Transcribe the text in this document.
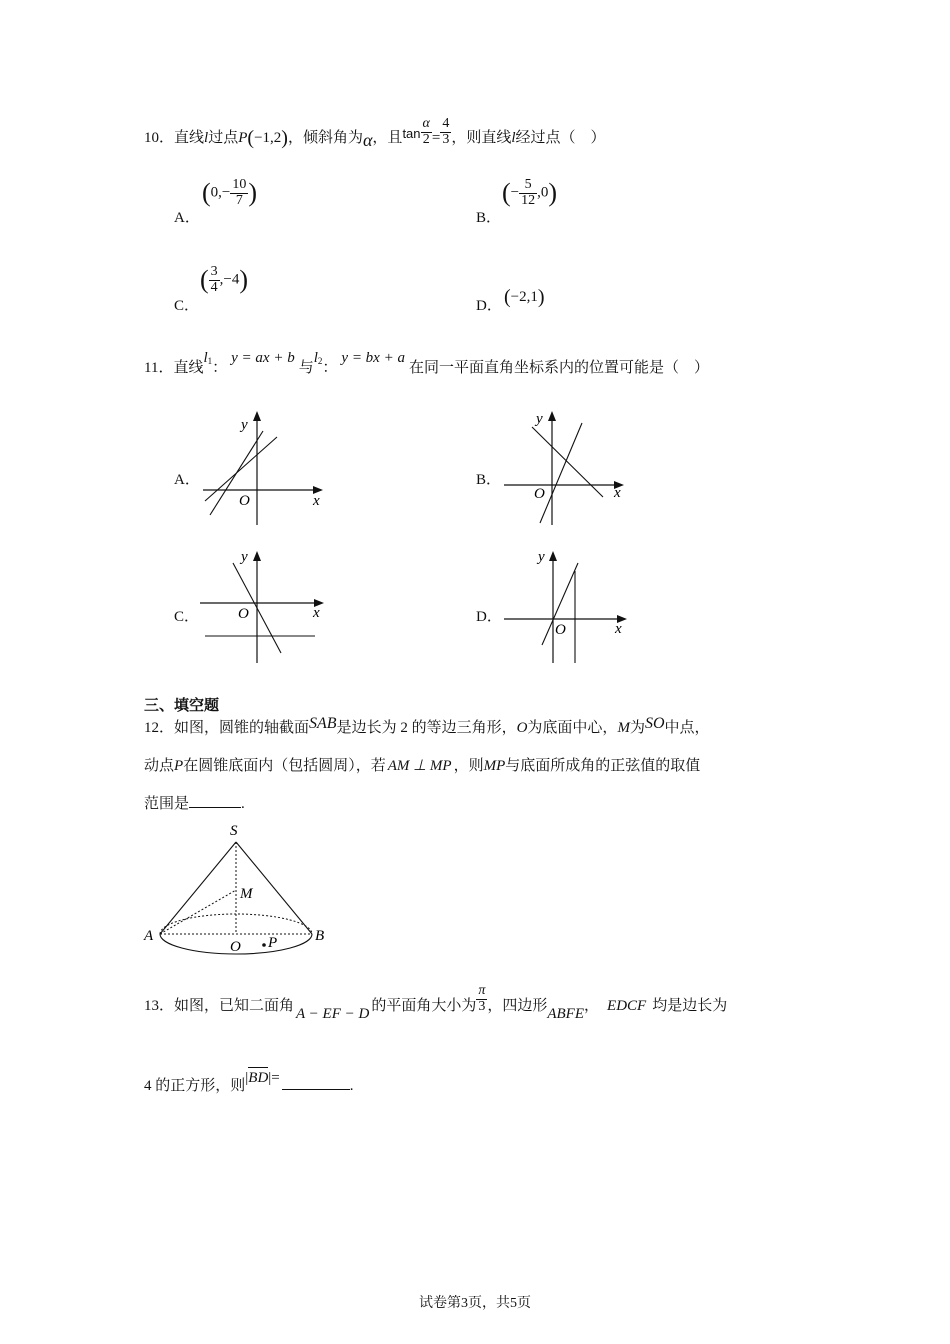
10．直线l过点P(−1,2)，倾斜角为α，且$\tan \frac{\alpha}{2} = \frac{4}{3}$ ，则直线l经过点（　）
A．
($0,- \frac{10}{7}$ )
B．
(− $\frac{5}{12} ,0$)
C．
( $\frac{3}{4} ,-4$)
D． (−2,1)
11．直线$l_1$：y = ax + b与$l_2$：y = bx + a在同一平面直角坐标系内的位置可能是（　）
A．	B．
C．	D．
y
x
O
y
x
O
y
x
O
y
x
O
三、填空题
12．如图，圆锥的轴截面SAB是边长为 2 的等边三角形，O为底面中心，M为SO中点，
动点P在圆锥底面内（包括圆周），若 AM ⊥ MP ，则MP与底面所成角的正弦值的取值
范围是	.
S
M
A
O P	B
13．如图，已知二面角 A − EF − D 的平面角大小为 $\frac{\pi}{3}$ ，四边形ABFE， EDCF 均是边长为
4 的正方形，则|
BD|=	.
试卷第3页，共5页
